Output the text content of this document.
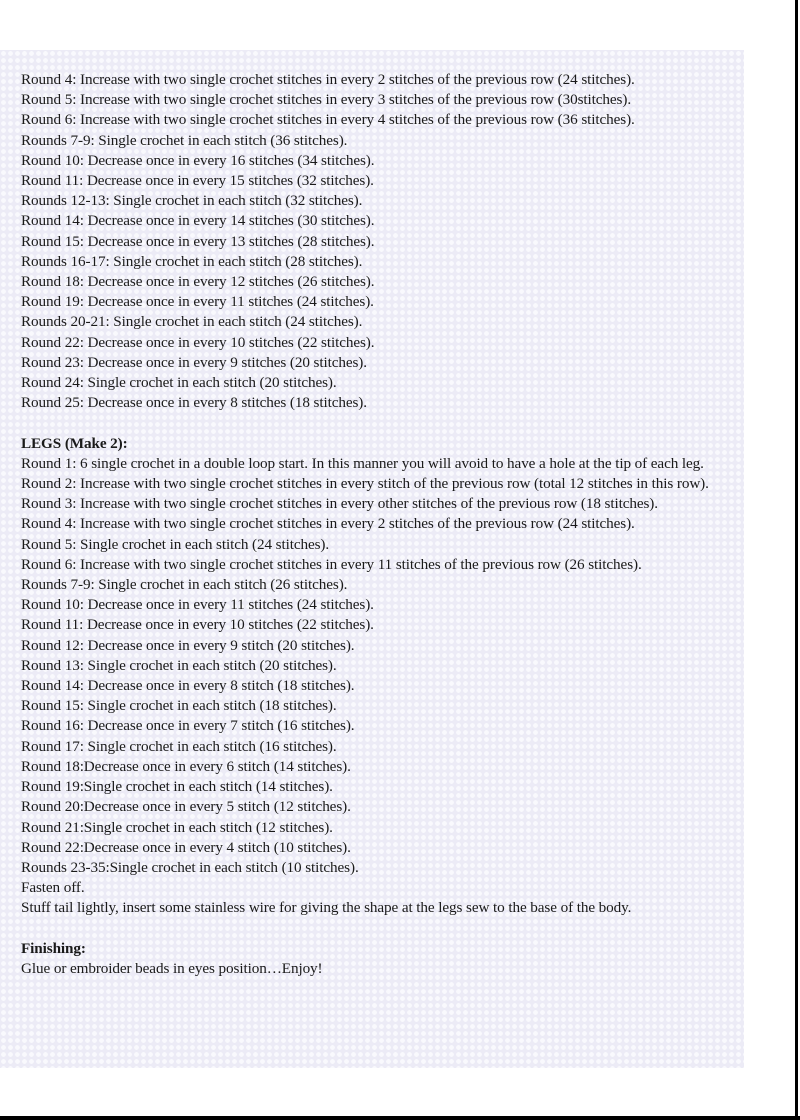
Round 4: Increase with two single crochet stitches in every 2 stitches of the previous row (24 stitches).
Round 5: Increase with two single crochet stitches in every 3 stitches of the previous row (30stitches).
Round 6: Increase with two single crochet stitches in every 4 stitches of the previous row (36 stitches).
Rounds 7-9: Single crochet in each stitch (36 stitches).
Round 10: Decrease once in every 16 stitches (34 stitches).
Round 11: Decrease once in every 15 stitches (32 stitches).
Rounds 12-13: Single crochet in each stitch (32 stitches).
Round 14: Decrease once in every 14 stitches (30 stitches).
Round 15: Decrease once in every 13 stitches (28 stitches).
Rounds 16-17: Single crochet in each stitch (28 stitches).
Round 18: Decrease once in every 12 stitches (26 stitches).
Round 19: Decrease once in every 11 stitches (24 stitches).
Rounds 20-21: Single crochet in each stitch (24 stitches).
Round 22: Decrease once in every 10 stitches (22 stitches).
Round 23: Decrease once in every 9 stitches (20 stitches).
Round 24: Single crochet in each stitch (20 stitches).
Round 25: Decrease once in every 8 stitches (18 stitches).
LEGS (Make 2):
Round 1: 6 single crochet in a double loop start. In this manner you will avoid to have a hole at the tip of each leg.
Round 2: Increase with two single crochet stitches in every stitch of the previous row (total 12 stitches in this row).
Round 3: Increase with two single crochet stitches in every other stitches of the previous row (18 stitches).
Round 4: Increase with two single crochet stitches in every 2 stitches of the previous row (24 stitches).
Round 5: Single crochet in each stitch (24 stitches).
Round 6: Increase with two single crochet stitches in every 11 stitches of the previous row (26 stitches).
Rounds 7-9: Single crochet in each stitch (26 stitches).
Round 10: Decrease once in every 11 stitches (24 stitches).
Round 11: Decrease once in every 10 stitches (22 stitches).
Round 12: Decrease once in every 9 stitch (20 stitches).
Round 13: Single crochet in each stitch (20 stitches).
Round 14: Decrease once in every 8 stitch (18 stitches).
Round 15: Single crochet in each stitch (18 stitches).
Round 16: Decrease once in every 7 stitch (16 stitches).
Round 17: Single crochet in each stitch (16 stitches).
Round 18:Decrease once in every 6 stitch (14 stitches).
Round 19:Single crochet in each stitch (14 stitches).
Round 20:Decrease once in every 5 stitch (12 stitches).
Round 21:Single crochet in each stitch (12 stitches).
Round 22:Decrease once in every 4 stitch (10 stitches).
Rounds 23-35:Single crochet in each stitch (10 stitches).
Fasten off.
Stuff tail lightly, insert some stainless wire for giving the shape at the legs sew to the base of the body.
Finishing:
Glue or embroider beads in eyes position…Enjoy!
